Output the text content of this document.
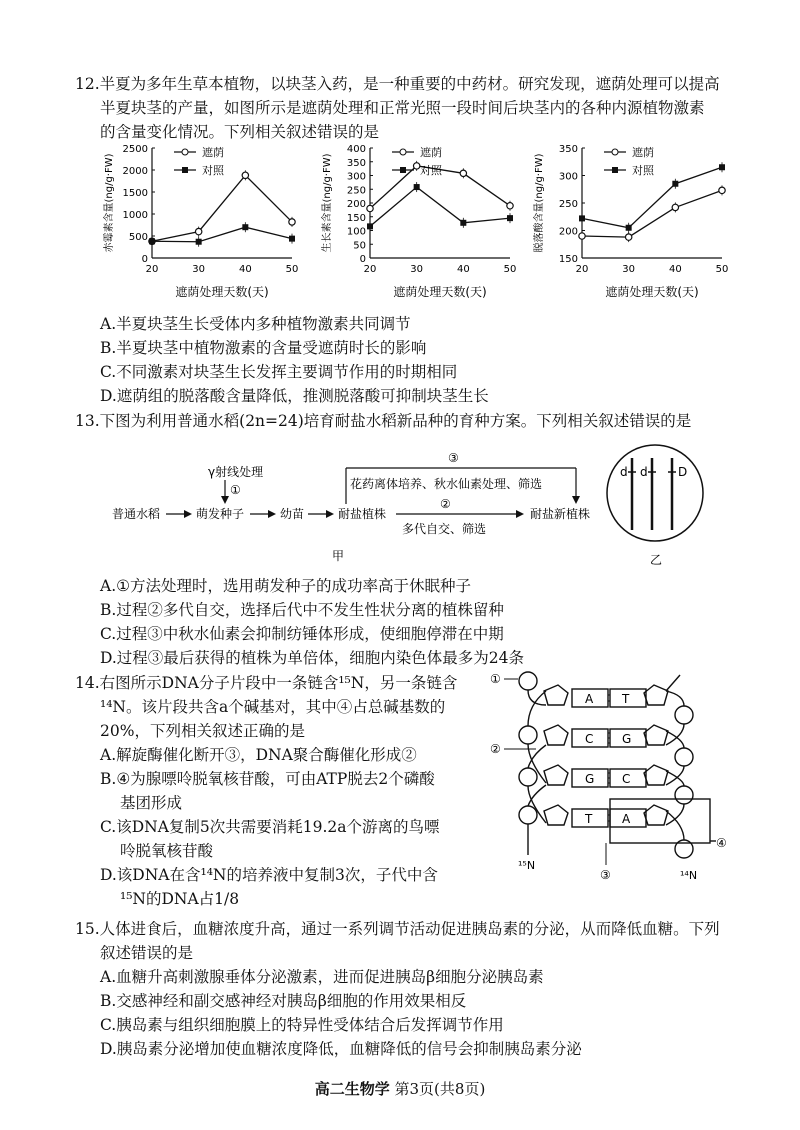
12.半夏为多年生草本植物，以块茎入药，是一种重要的中药材。研究发现，遮荫处理可以提高
半夏块茎的产量，如图所示是遮荫处理和正常光照一段时间后块茎内的各种内源植物激素
的含量变化情况。下列相关叙述错误的是
0
500
1000
1500
2000
2500
20	30	40	50
赤霉素含量(ng/g·FW)
遮荫处理天数(天)
遮荫
对照
0
50
100
150
200
250
300
350
400
20	30	40	50
生长素含量(ng/g·FW)
遮荫处理天数(天)
遮荫
对照
150
200
250
300
350
20	30	40	50
脱落酸含量(ng/g·FW)
遮荫处理天数(天)
遮荫
对照
A.半夏块茎生长受体内多种植物激素共同调节
B.半夏块茎中植物激素的含量受遮荫时长的影响
C.不同激素对块茎生长发挥主要调节作用的时期相同
D.遮荫组的脱落酸含量降低，推测脱落酸可抑制块茎生长
13.下图为利用普通水稻(2n=24)培育耐盐水稻新品种的育种方案。下列相关叙述错误的是
γ射线处理
①
普通水稻	萌发种子	幼苗	耐盐植株
②
多代自交、筛选
耐盐新植株
③
花药离体培养、秋水仙素处理、筛选
甲
d d	D
乙
A.①方法处理时，选用萌发种子的成功率高于休眠种子
B.过程②多代自交，选择后代中不发生性状分离的植株留种
C.过程③中秋水仙素会抑制纺锤体形成，使细胞停滞在中期
D.过程③最后获得的植株为单倍体，细胞内染色体最多为24条
14.右图所示DNA分子片段中一条链含¹⁵N，另一条链含
¹⁴N。该片段共含a个碱基对，其中④占总碱基数的
20%，下列相关叙述正确的是
A.解旋酶催化断开③，DNA聚合酶催化形成②
B.④为腺嘌呤脱氧核苷酸，可由ATP脱去2个磷酸
基团形成
C.该DNA复制5次共需要消耗19.2a个游离的鸟嘌
呤脱氧核苷酸
D.该DNA在含¹⁴N的培养液中复制3次，子代中含
¹⁵N的DNA占1/8
①
②
③
④
¹⁵N
¹⁴N
A T
C G
G C
T A
15.人体进食后，血糖浓度升高，通过一系列调节活动促进胰岛素的分泌，从而降低血糖。下列
叙述错误的是
A.血糖升高刺激腺垂体分泌激素，进而促进胰岛β细胞分泌胰岛素
B.交感神经和副交感神经对胰岛β细胞的作用效果相反
C.胰岛素与组织细胞膜上的特异性受体结合后发挥调节作用
D.胰岛素分泌增加使血糖浓度降低，血糖降低的信号会抑制胰岛素分泌
高二生物学 第3页(共8页)
